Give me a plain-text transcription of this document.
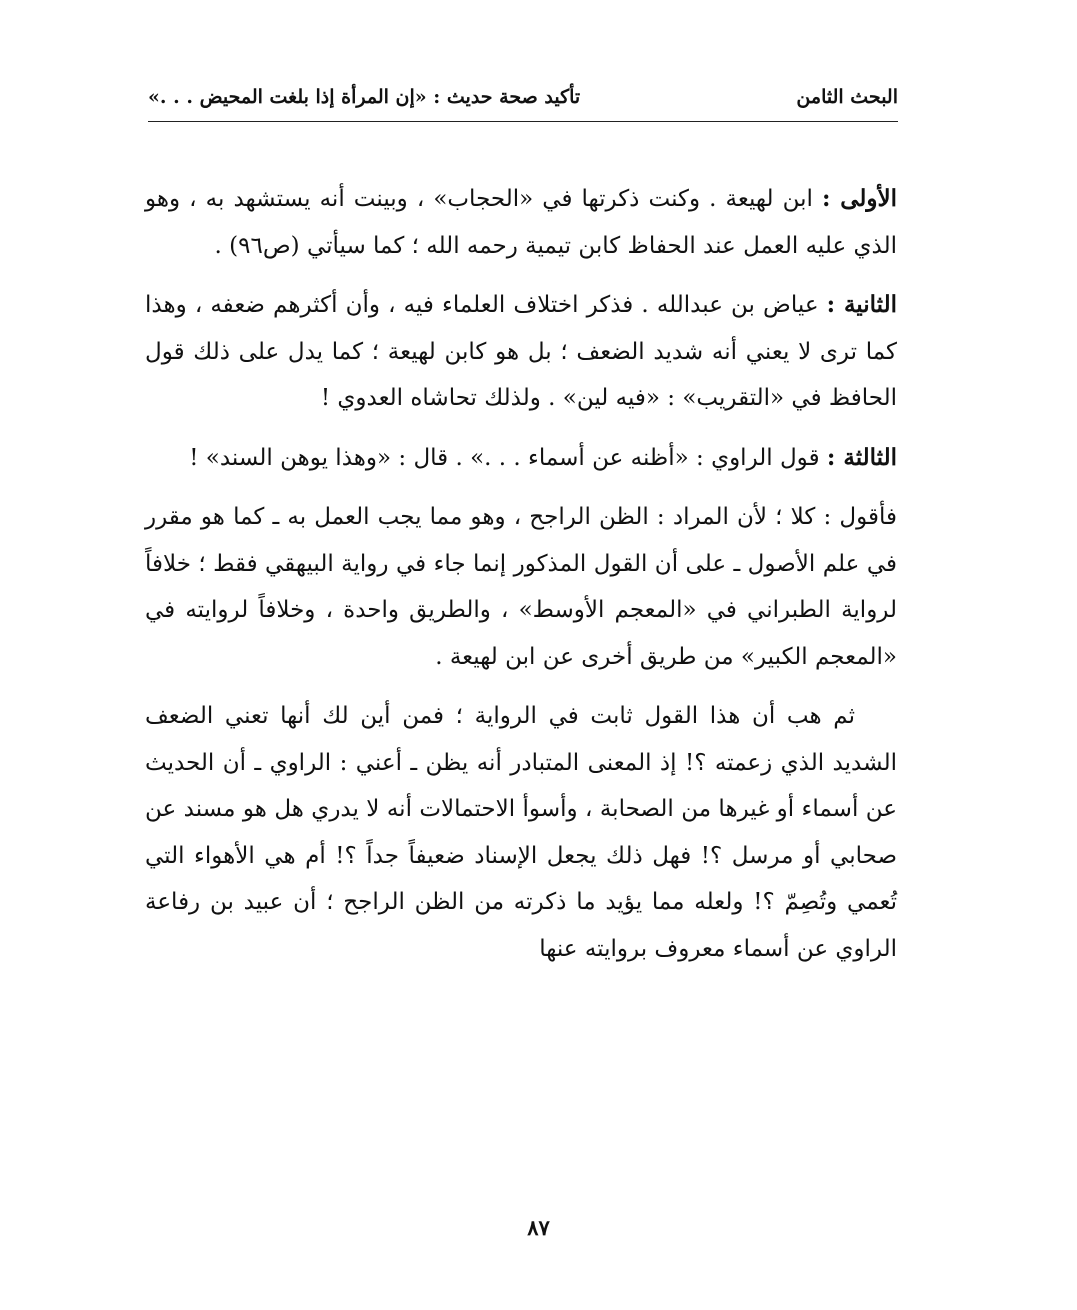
البحث الثامن
تأكيد صحة حديث : «إن المرأة إذا بلغت المحيض . . .»

الأولى : ابن لهيعة . وكنت ذكرتها في «الحجاب» ، وبينت أنه يستشهد به ، وهو الذي عليه العمل عند الحفاظ كابن تيمية رحمه الله ؛ كما سيأتي (ص٩٦) .

الثانية : عياض بن عبدالله . فذكر اختلاف العلماء فيه ، وأن أكثرهم ضعفه ، وهذا كما ترى لا يعني أنه شديد الضعف ؛ بل هو كابن لهيعة ؛ كما يدل على ذلك قول الحافظ في «التقريب» : «فيه لين» . ولذلك تحاشاه العدوي !

الثالثة : قول الراوي : «أظنه عن أسماء . . .» . قال : «وهذا يوهن السند» !

فأقول : كلا ؛ لأن المراد : الظن الراجح ، وهو مما يجب العمل به ـ كما هو مقرر في علم الأصول ـ على أن القول المذكور إنما جاء في رواية البيهقي فقط ؛ خلافاً لرواية الطبراني في «المعجم الأوسط» ، والطريق واحدة ، وخلافاً لروايته في «المعجم الكبير» من طريق أخرى عن ابن لهيعة .

ثم هب أن هذا القول ثابت في الرواية ؛ فمن أين لك أنها تعني الضعف الشديد الذي زعمته ؟! إذ المعنى المتبادر أنه يظن ـ أعني : الراوي ـ أن الحديث عن أسماء أو غيرها من الصحابة ، وأسوأ الاحتمالات أنه لا يدري هل هو مسند عن صحابي أو مرسل ؟! فهل ذلك يجعل الإسناد ضعيفاً جداً ؟! أم هي الأهواء التي تُعمي وتُصِمّ ؟! ولعله مما يؤيد ما ذكرته من الظن الراجح ؛ أن عبيد بن رفاعة الراوي عن أسماء معروف بروايته عنها

٨٧
